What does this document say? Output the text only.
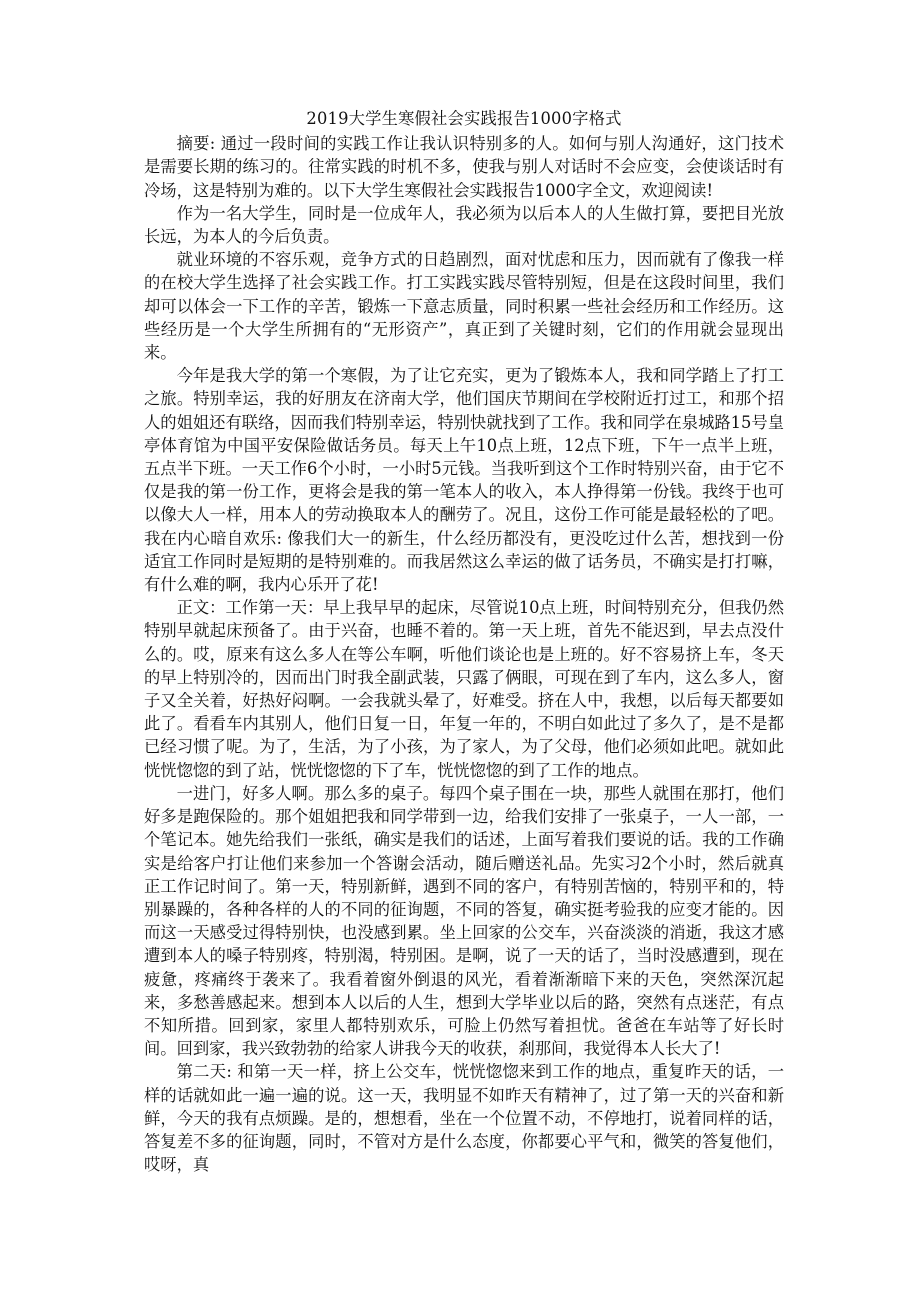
2019大学生寒假社会实践报告1000字格式

摘要: 通过一段时间的实践工作让我认识特别多的人。如何与别人沟通好，这门技术是需要长期的练习的。往常实践的时机不多，使我与别人对话时不会应变，会使谈话时有冷场，这是特别为难的。以下大学生寒假社会实践报告1000字全文，欢迎阅读!

作为一名大学生，同时是一位成年人，我必须为以后本人的人生做打算，要把目光放长远，为本人的今后负责。

就业环境的不容乐观，竞争方式的日趋剧烈，面对忧虑和压力，因而就有了像我一样的在校大学生选择了社会实践工作。打工实践实践尽管特别短，但是在这段时间里，我们却可以体会一下工作的辛苦，锻炼一下意志质量，同时积累一些社会经历和工作经历。这些经历是一个大学生所拥有的“无形资产”，真正到了关键时刻，它们的作用就会显现出来。

今年是我大学的第一个寒假，为了让它充实，更为了锻炼本人，我和同学踏上了打工之旅。特别幸运，我的好朋友在济南大学，他们国庆节期间在学校附近打过工，和那个招人的姐姐还有联络，因而我们特别幸运，特别快就找到了工作。我和同学在泉城路15号皇亭体育馆为中国平安保险做话务员。每天上午10点上班，12点下班，下午一点半上班，五点半下班。一天工作6个小时，一小时5元钱。当我听到这个工作时特别兴奋，由于它不仅是我的第一份工作，更将会是我的第一笔本人的收入，本人挣得第一份钱。我终于也可以像大人一样，用本人的劳动换取本人的酬劳了。况且，这份工作可能是最轻松的了吧。我在内心暗自欢乐: 像我们大一的新生，什么经历都没有，更没吃过什么苦，想找到一份适宜工作同时是短期的是特别难的。而我居然这么幸运的做了话务员，不确实是打打嘛，有什么难的啊，我内心乐开了花!

正文：工作第一天：早上我早早的起床，尽管说10点上班，时间特别充分，但我仍然特别早就起床预备了。由于兴奋，也睡不着的。第一天上班，首先不能迟到，早去点没什么的。哎，原来有这么多人在等公车啊，听他们谈论也是上班的。好不容易挤上车，冬天的早上特别冷的，因而出门时我全副武装，只露了俩眼，可现在到了车内，这么多人，窗子又全关着，好热好闷啊。一会我就头晕了，好难受。挤在人中，我想，以后每天都要如此了。看看车内其别人，他们日复一日，年复一年的，不明白如此过了多久了，是不是都已经习惯了呢。为了，生活，为了小孩，为了家人，为了父母，他们必须如此吧。就如此恍恍惚惚的到了站，恍恍惚惚的下了车，恍恍惚惚的到了工作的地点。

一进门，好多人啊。那么多的桌子。每四个桌子围在一块，那些人就围在那打，他们好多是跑保险的。那个姐姐把我和同学带到一边，给我们安排了一张桌子，一人一部，一个笔记本。她先给我们一张纸，确实是我们的话述，上面写着我们要说的话。我的工作确实是给客户打让他们来参加一个答谢会活动，随后赠送礼品。先实习2个小时，然后就真正工作记时间了。第一天，特别新鲜，遇到不同的客户，有特别苦恼的，特别平和的，特别暴躁的，各种各样的人的不同的征询题，不同的答复，确实挺考验我的应变才能的。因而这一天感受过得特别快，也没感到累。坐上回家的公交车，兴奋淡淡的消逝，我这才感遭到本人的嗓子特别疼，特别渴，特别困。是啊，说了一天的话了，当时没感遭到，现在疲惫，疼痛终于袭来了。我看着窗外倒退的风光，看着渐渐暗下来的天色，突然深沉起来，多愁善感起来。想到本人以后的人生，想到大学毕业以后的路，突然有点迷茫，有点不知所措。回到家，家里人都特别欢乐，可脸上仍然写着担忧。爸爸在车站等了好长时间。回到家，我兴致勃勃的给家人讲我今天的收获，刹那间，我觉得本人长大了!

第二天: 和第一天一样，挤上公交车，恍恍惚惚来到工作的地点，重复昨天的话，一样的话就如此一遍一遍的说。这一天，我明显不如昨天有精神了，过了第一天的兴奋和新鲜，今天的我有点烦躁。是的，想想看，坐在一个位置不动，不停地打，说着同样的话，答复差不多的征询题，同时，不管对方是什么态度，你都要心平气和，微笑的答复他们，哎呀，真
